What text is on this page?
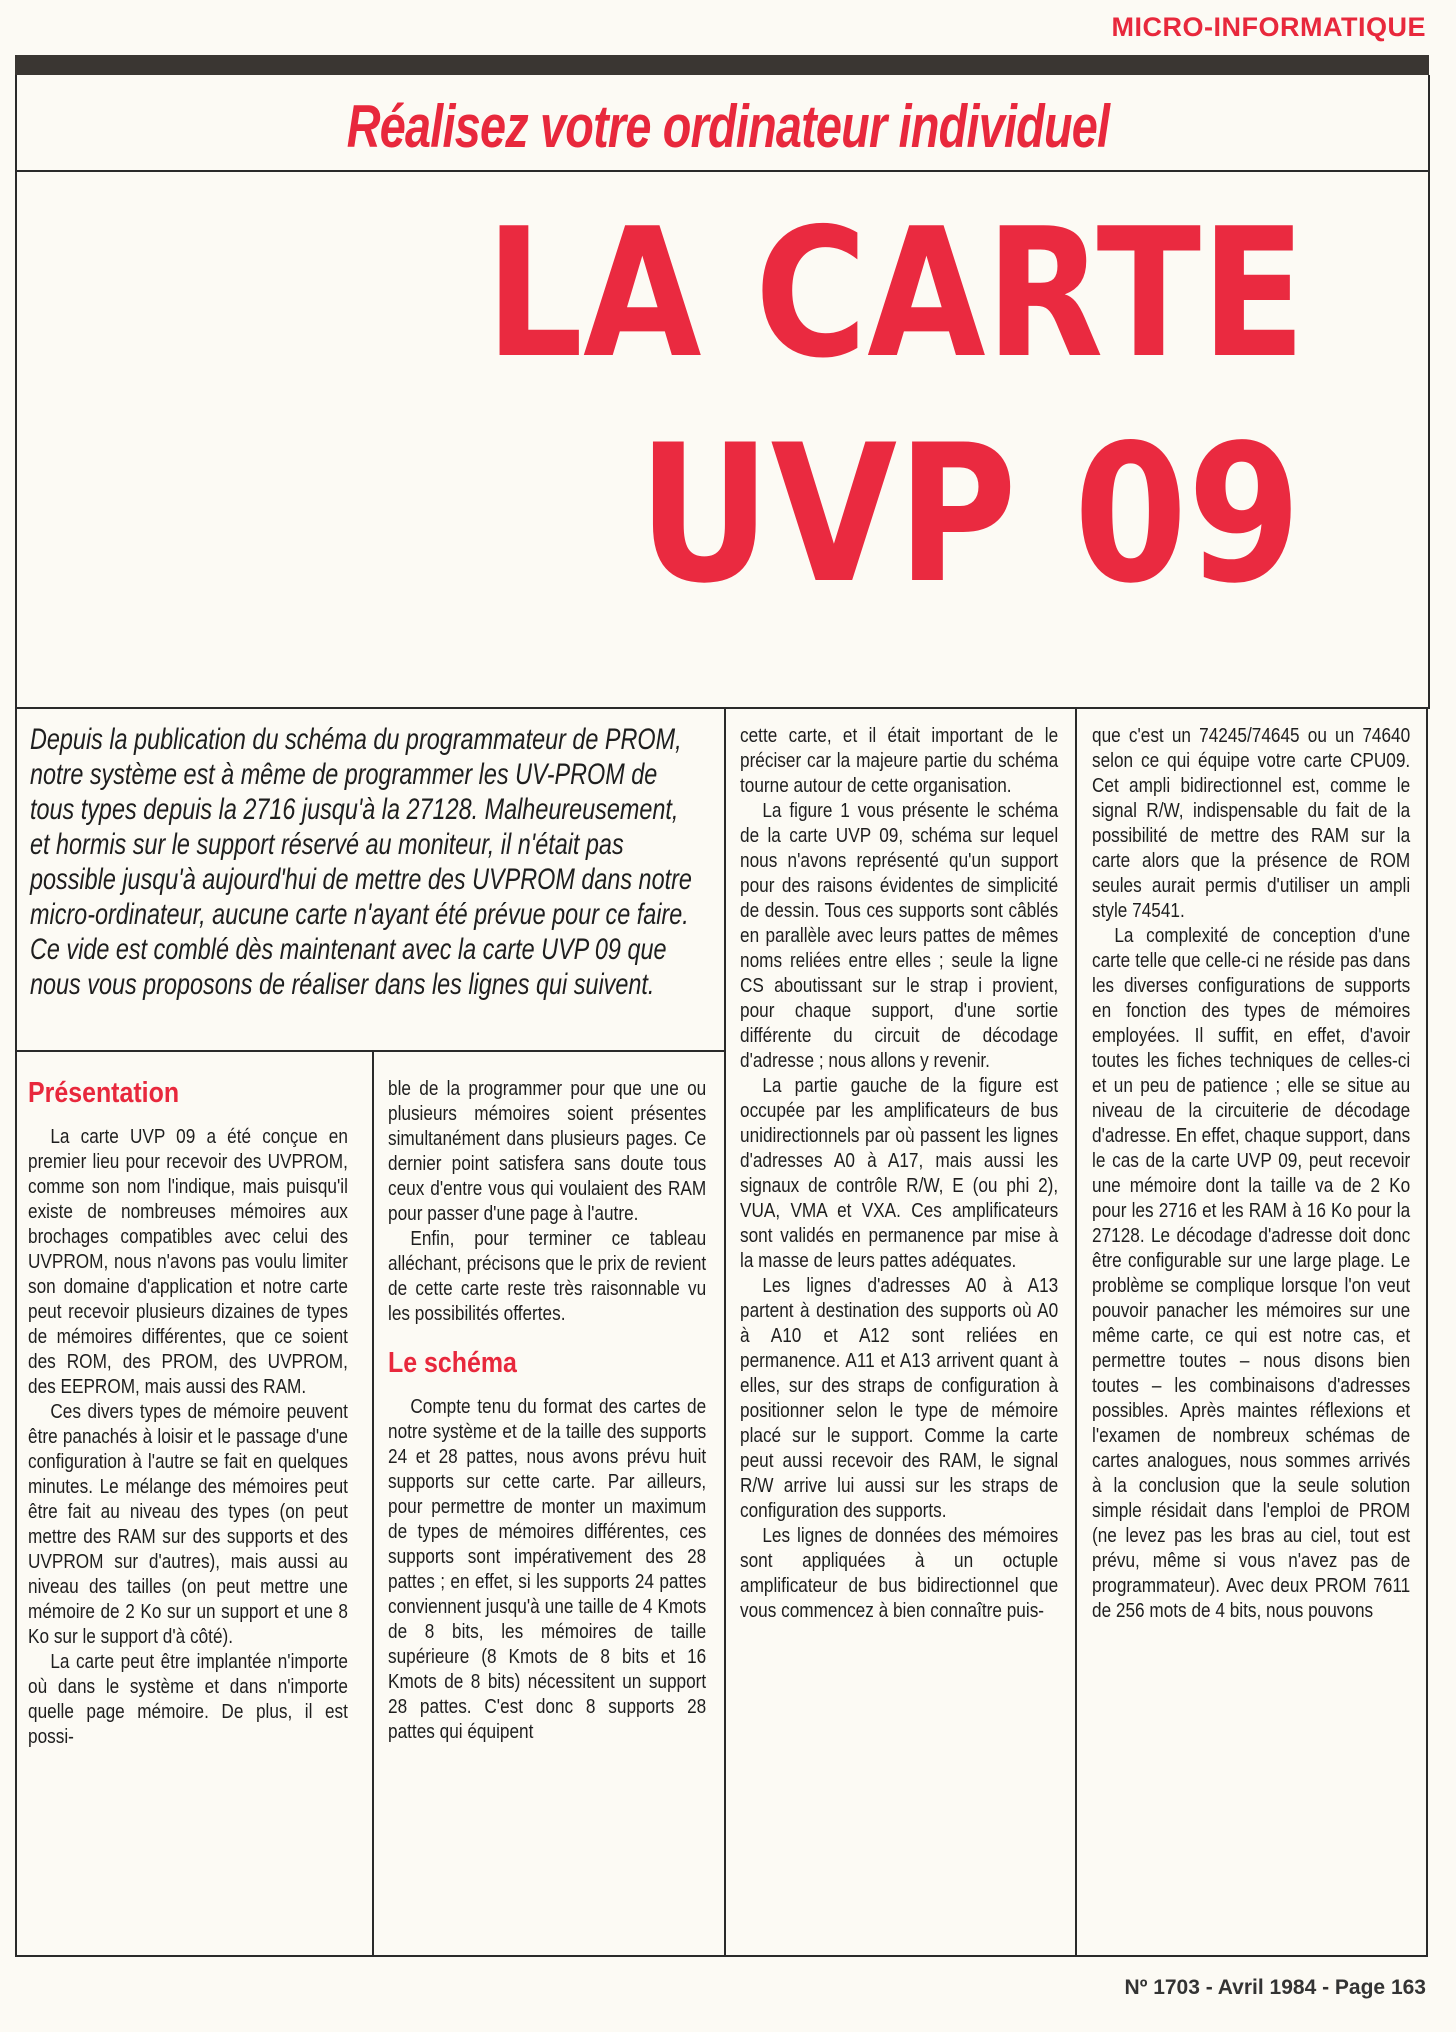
MICRO-INFORMATIQUE
Réalisez votre ordinateur individuel
LA CARTE
UVP 09
Depuis la publication du schéma du programmateur de PROM, notre système est à même de programmer les UV-PROM de tous types depuis la 2716 jusqu'à la 27128. Malheureusement, et hormis sur le support réservé au moniteur, il n'était pas possible jusqu'à aujourd'hui de mettre des UVPROM dans notre micro-ordinateur, aucune carte n'ayant été prévue pour ce faire. Ce vide est comblé dès maintenant avec la carte UVP 09 que nous vous proposons de réaliser dans les lignes qui suivent.
Présentation

La carte UVP 09 a été conçue en premier lieu pour recevoir des UVPROM, comme son nom l'indique, mais puisqu'il existe de nombreuses mémoires aux brochages compatibles avec celui des UVPROM, nous n'avons pas voulu limiter son domaine d'application et notre carte peut recevoir plusieurs dizaines de types de mémoires différentes, que ce soient des ROM, des PROM, des UVPROM, des EEPROM, mais aussi des RAM.

Ces divers types de mémoire peuvent être panachés à loisir et le passage d'une configuration à l'autre se fait en quelques minutes. Le mélange des mémoires peut être fait au niveau des types (on peut mettre des RAM sur des supports et des UVPROM sur d'autres), mais aussi au niveau des tailles (on peut mettre une mémoire de 2 Ko sur un support et une 8 Ko sur le support d'à côté).

La carte peut être implantée n'importe où dans le système et dans n'importe quelle page mémoire. De plus, il est possi-

ble de la programmer pour que une ou plusieurs mémoires soient présentes simultanément dans plusieurs pages. Ce dernier point satisfera sans doute tous ceux d'entre vous qui voulaient des RAM pour passer d'une page à l'autre.

Enfin, pour terminer ce tableau alléchant, précisons que le prix de revient de cette carte reste très raisonnable vu les possibilités offertes.

Le schéma

Compte tenu du format des cartes de notre système et de la taille des supports 24 et 28 pattes, nous avons prévu huit supports sur cette carte. Par ailleurs, pour permettre de monter un maximum de types de mémoires différentes, ces supports sont impérativement des 28 pattes ; en effet, si les supports 24 pattes conviennent jusqu'à une taille de 4 Kmots de 8 bits, les mémoires de taille supérieure (8 Kmots de 8 bits et 16 Kmots de 8 bits) nécessitent un support 28 pattes. C'est donc 8 supports 28 pattes qui équipent

cette carte, et il était important de le préciser car la majeure partie du schéma tourne autour de cette organisation.

La figure 1 vous présente le schéma de la carte UVP 09, schéma sur lequel nous n'avons représenté qu'un support pour des raisons évidentes de simplicité de dessin. Tous ces supports sont câblés en parallèle avec leurs pattes de mêmes noms reliées entre elles ; seule la ligne CS aboutissant sur le strap i provient, pour chaque support, d'une sortie différente du circuit de décodage d'adresse ; nous allons y revenir.

La partie gauche de la figure est occupée par les amplificateurs de bus unidirectionnels par où passent les lignes d'adresses A0 à A17, mais aussi les signaux de contrôle R/W, E (ou phi 2), VUA, VMA et VXA. Ces amplificateurs sont validés en permanence par mise à la masse de leurs pattes adéquates.

Les lignes d'adresses A0 à A13 partent à destination des supports où A0 à A10 et A12 sont reliées en permanence. A11 et A13 arrivent quant à elles, sur des straps de configuration à positionner selon le type de mémoire placé sur le support. Comme la carte peut aussi recevoir des RAM, le signal R/W arrive lui aussi sur les straps de configuration des supports.

Les lignes de données des mémoires sont appliquées à un octuple amplificateur de bus bidirectionnel que vous commencez à bien connaître puis-

que c'est un 74245/74645 ou un 74640 selon ce qui équipe votre carte CPU09. Cet ampli bidirectionnel est, comme le signal R/W, indispensable du fait de la possibilité de mettre des RAM sur la carte alors que la présence de ROM seules aurait permis d'utiliser un ampli style 74541.

La complexité de conception d'une carte telle que celle-ci ne réside pas dans les diverses configurations de supports en fonction des types de mémoires employées. Il suffit, en effet, d'avoir toutes les fiches techniques de celles-ci et un peu de patience ; elle se situe au niveau de la circuiterie de décodage d'adresse. En effet, chaque support, dans le cas de la carte UVP 09, peut recevoir une mémoire dont la taille va de 2 Ko pour les 2716 et les RAM à 16 Ko pour la 27128. Le décodage d'adresse doit donc être configurable sur une large plage. Le problème se complique lorsque l'on veut pouvoir panacher les mémoires sur une même carte, ce qui est notre cas, et permettre toutes – nous disons bien toutes – les combinaisons d'adresses possibles. Après maintes réflexions et l'examen de nombreux schémas de cartes analogues, nous sommes arrivés à la conclusion que la seule solution simple résidait dans l'emploi de PROM (ne levez pas les bras au ciel, tout est prévu, même si vous n'avez pas de programmateur). Avec deux PROM 7611 de 256 mots de 4 bits, nous pouvons

Nº 1703 - Avril 1984 - Page 163
